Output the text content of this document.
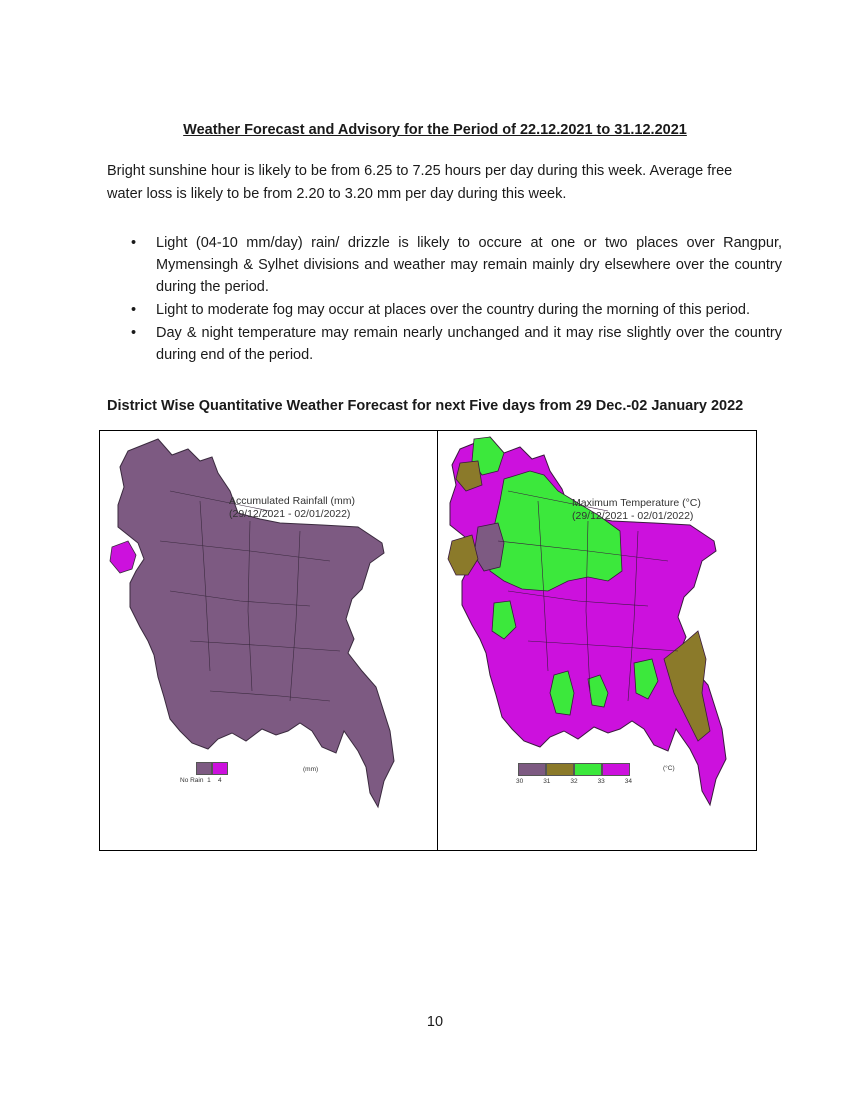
Weather Forecast and Advisory for the Period of 22.12.2021 to 31.12.2021
Bright sunshine hour is likely to be from 6.25 to 7.25 hours per day during this week. Average free water loss is likely to be from 2.20 to 3.20 mm per day during this week.
• Light (04-10 mm/day) rain/ drizzle is likely to occure at one or two places over Rangpur, Mymensingh & Sylhet divisions and weather may remain mainly dry elsewhere over the country during the period.
• Light to moderate fog may occur at places over the country during the morning of this period.
• Day & night temperature may remain nearly unchanged and it may rise slightly over the country during end of the period.
District Wise Quantitative Weather Forecast for next Five days from 29 Dec.-02 January 2022
Accumulated Rainfall (mm)
(29/12/2021 - 02/01/2022)
No Rain 1 4
(mm)
Maximum Temperature (°C)
(29/12/2021 - 02/01/2022)
30	31	32	33	34
(°C)
10
